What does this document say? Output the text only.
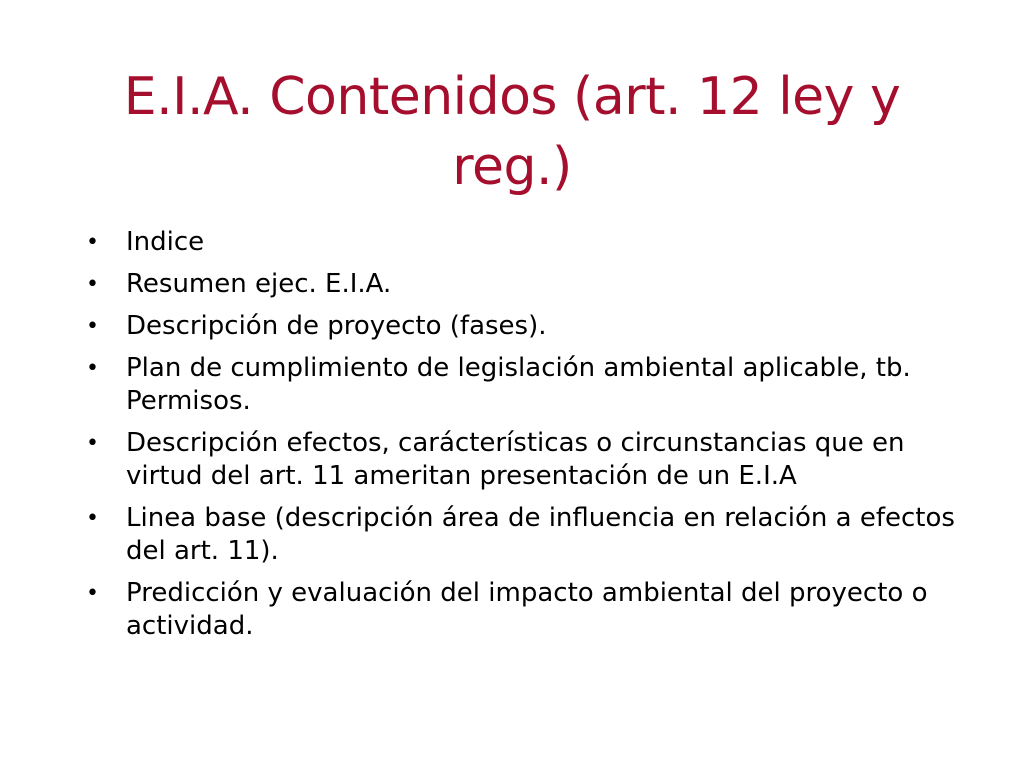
E.I.A. Contenidos (art. 12 ley y reg.)
• Indice
• Resumen ejec. E.I.A.
• Descripción de proyecto (fases).
• Plan de cumplimiento de legislación ambiental aplicable, tb. Permisos.
• Descripción efectos, carácterísticas o circunstancias que en virtud del art. 11 ameritan presentación de un E.I.A
• Linea base (descripción área de influencia en relación a efectos del art. 11).
• Predicción y evaluación del impacto ambiental del proyecto o actividad.
